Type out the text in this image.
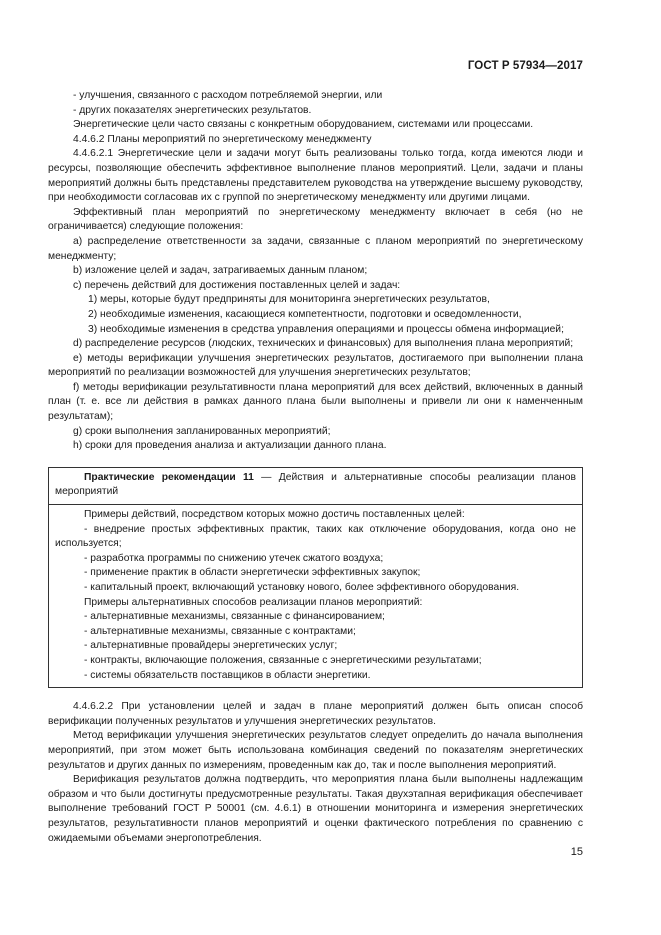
ГОСТ Р 57934—2017

- улучшения, связанного с расходом потребляемой энергии, или

- других показателях энергетических результатов.

Энергетические цели часто связаны с конкретным оборудованием, системами или процессами.

4.4.6.2 Планы мероприятий по энергетическому менеджменту

4.4.6.2.1 Энергетические цели и задачи могут быть реализованы только тогда, когда имеются люди и ресурсы, позволяющие обеспечить эффективное выполнение планов мероприятий. Цели, задачи и планы мероприятий должны быть представлены представителем руководства на утверждение высшему руководству, при необходимости согласовав их с группой по энергетическому менеджменту или другими лицами.

Эффективный план мероприятий по энергетическому менеджменту включает в себя (но не ограничивается) следующие положения:

a) распределение ответственности за задачи, связанные с планом мероприятий по энергетическому менеджменту;

b) изложение целей и задач, затрагиваемых данным планом;

c) перечень действий для достижения поставленных целей и задач:

1) меры, которые будут предприняты для мониторинга энергетических результатов,

2) необходимые изменения, касающиеся компетентности, подготовки и осведомленности,

3) необходимые изменения в средства управления операциями и процессы обмена информацией;

d) распределение ресурсов (людских, технических и финансовых) для выполнения плана мероприятий;

e) методы верификации улучшения энергетических результатов, достигаемого при выполнении плана мероприятий по реализации возможностей для улучшения энергетических результатов;

f) методы верификации результативности плана мероприятий для всех действий, включенных в данный план (т. е. все ли действия в рамках данного плана были выполнены и привели ли они к наменченным результатам);

g) сроки выполнения запланированных мероприятий;

h) сроки для проведения анализа и актуализации данного плана.

Практические рекомендации 11 — Действия и альтернативные способы реализации планов мероприятий

Примеры действий, посредством которых можно достичь поставленных целей:

- внедрение простых эффективных практик, таких как отключение оборудования, когда оно не используется;

- разработка программы по снижению утечек сжатого воздуха;

- применение практик в области энергетически эффективных закупок;

- капитальный проект, включающий установку нового, более эффективного оборудования.

Примеры альтернативных способов реализации планов мероприятий:

- альтернативные механизмы, связанные с финансированием;

- альтернативные механизмы, связанные с контрактами;

- альтернативные провайдеры энергетических услуг;

- контракты, включающие положения, связанные с энергетическими результатами;

- системы обязательств поставщиков в области энергетики.

4.4.6.2.2 При установлении целей и задач в плане мероприятий должен быть описан способ верификации полученных результатов и улучшения энергетических результатов.

Метод верификации улучшения энергетических результатов следует определить до начала выполнения мероприятий, при этом может быть использована комбинация сведений по показателям энергетических результатов и других данных по измерениям, проведенным как до, так и после выполнения мероприятий.

Верификация результатов должна подтвердить, что мероприятия плана были выполнены надлежащим образом и что были достигнуты предусмотренные результаты. Такая двухэтапная верификация обеспечивает выполнение требований ГОСТ Р 50001 (см. 4.6.1) в отношении мониторинга и измерения энергетических результатов, результативности планов мероприятий и оценки фактического потребления по сравнению с ожидаемыми объемами энергопотребления.

15
